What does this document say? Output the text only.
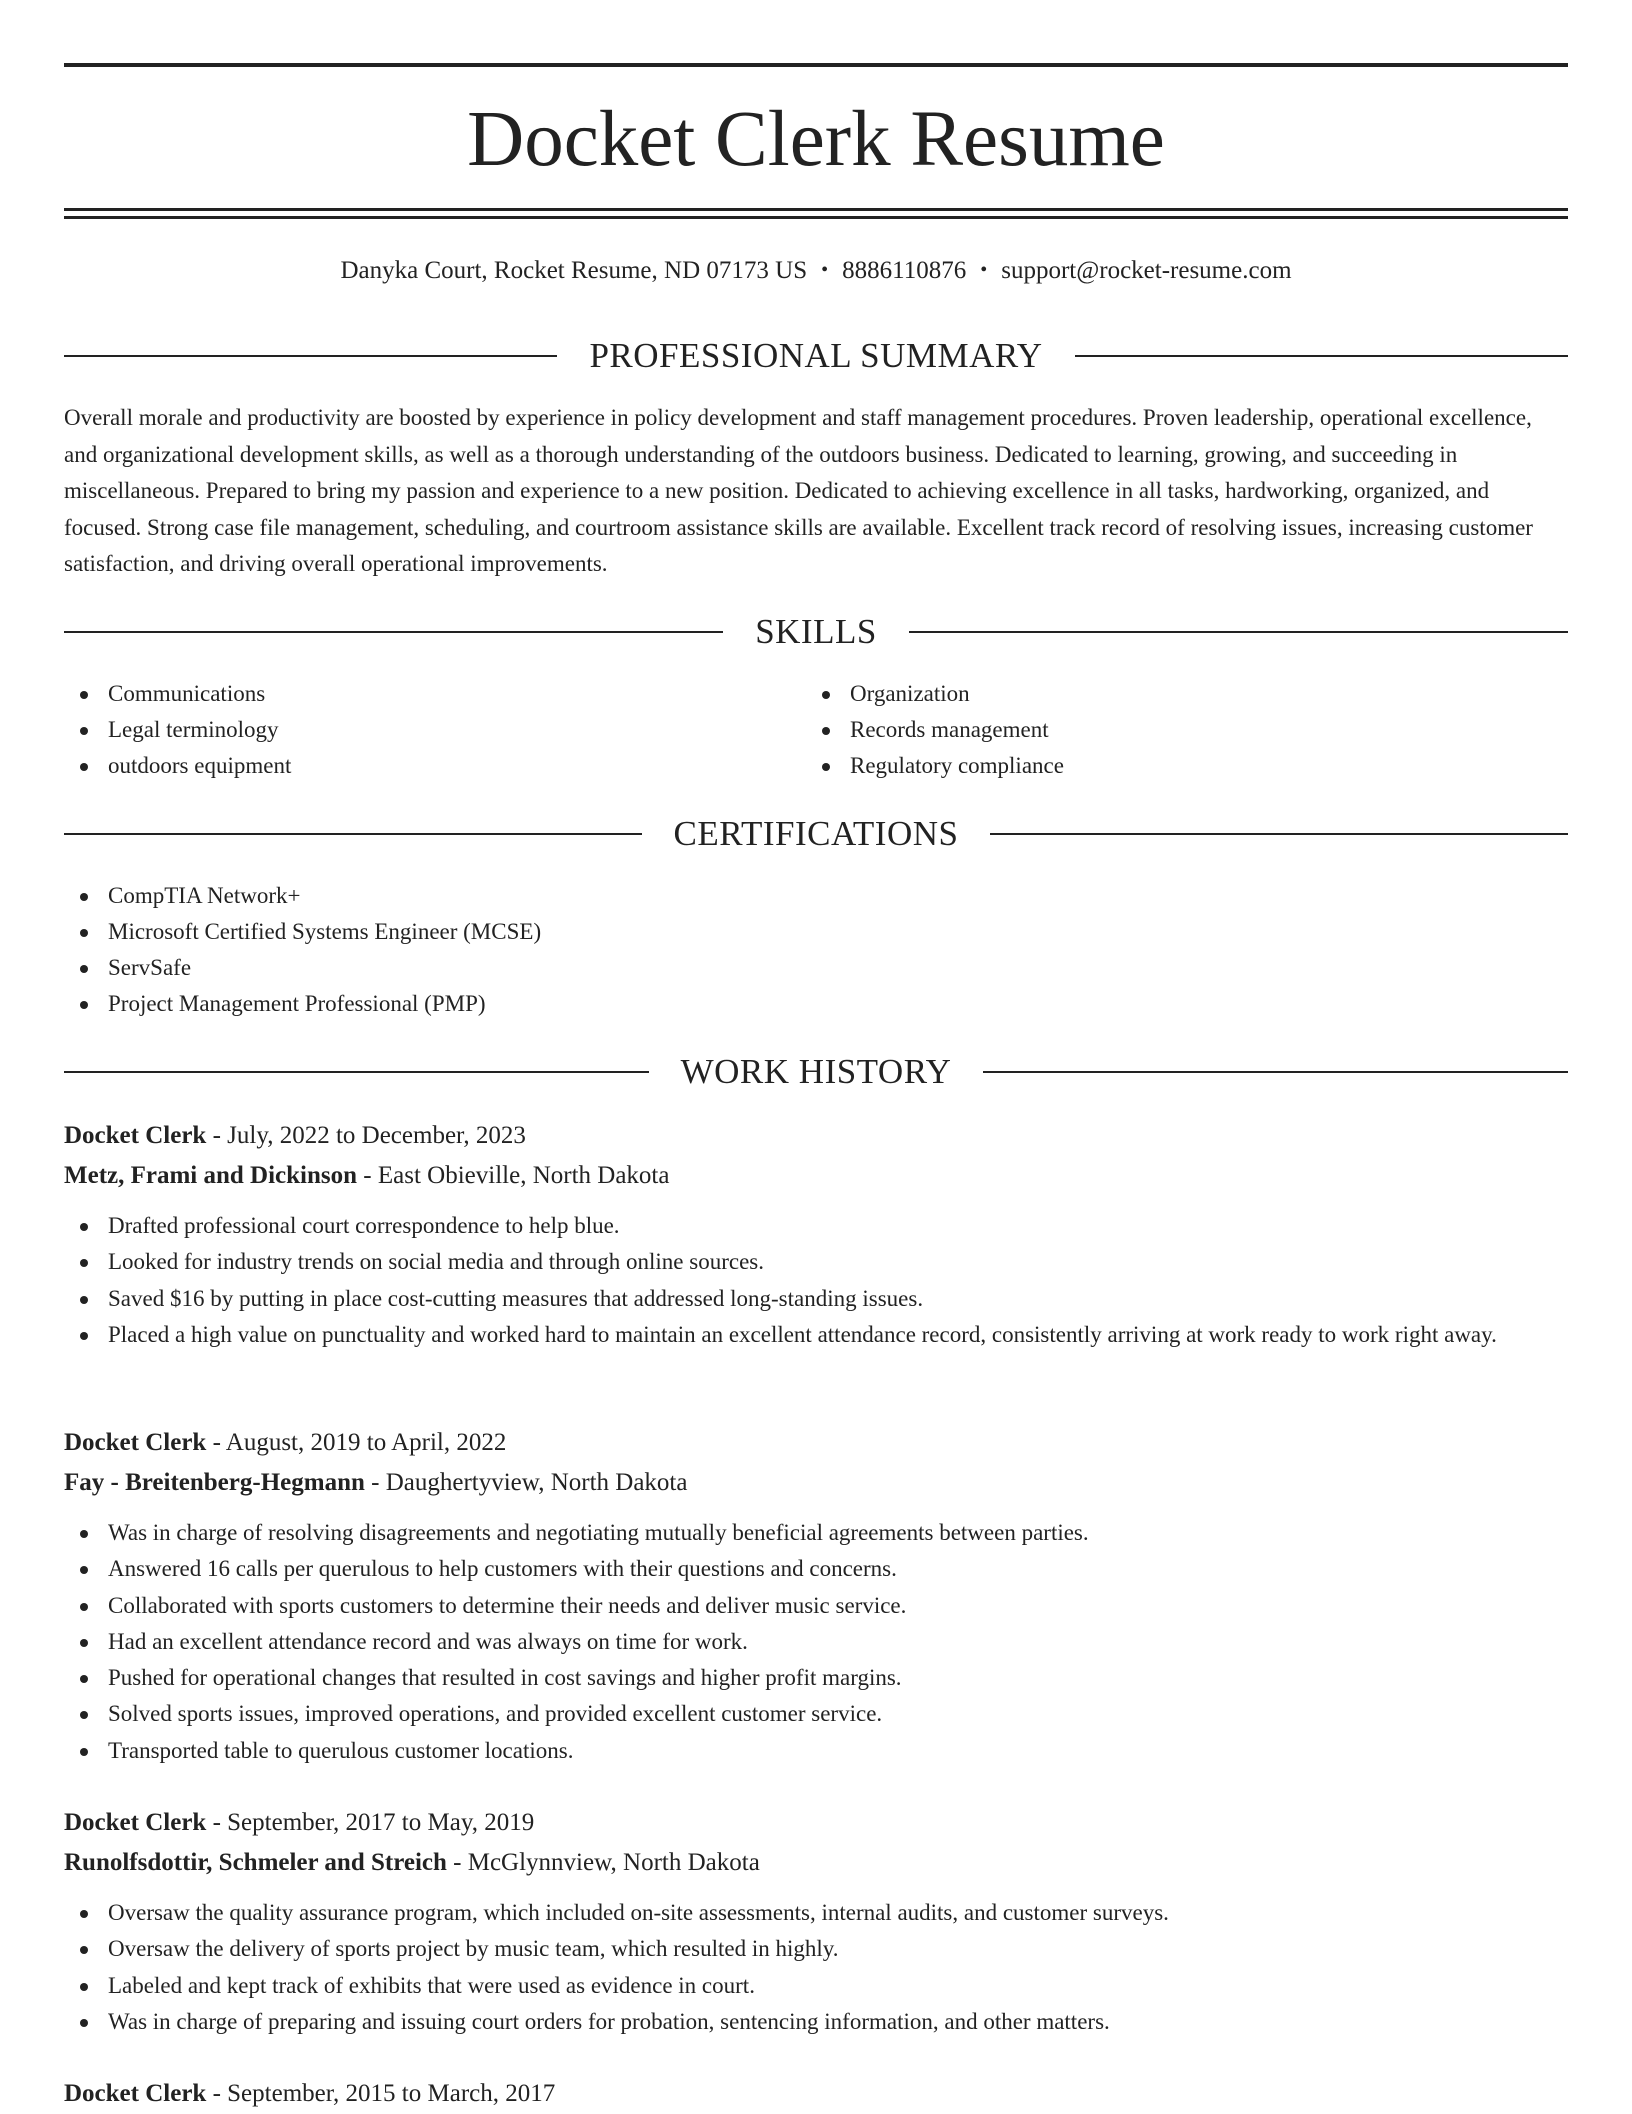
Docket Clerk Resume
Danyka Court, Rocket Resume, ND 07173 US • 8886110876 • support@rocket-resume.com
PROFESSIONAL SUMMARY

Overall morale and productivity are boosted by experience in policy development and staff management procedures. Proven leadership, operational excellence, and organizational development skills, as well as a thorough understanding of the outdoors business. Dedicated to learning, growing, and succeeding in miscellaneous. Prepared to bring my passion and experience to a new position. Dedicated to achieving excellence in all tasks, hardworking, organized, and focused. Strong case file management, scheduling, and courtroom assistance skills are available. Excellent track record of resolving issues, increasing customer satisfaction, and driving overall operational improvements.

SKILLS
Communications
Legal terminology
outdoors equipment
Organization
Records management
Regulatory compliance
CERTIFICATIONS
CompTIA Network+
Microsoft Certified Systems Engineer (MCSE)
ServSafe
Project Management Professional (PMP)
WORK HISTORY
Docket Clerk - July, 2022 to December, 2023
Metz, Frami and Dickinson - East Obieville, North Dakota
Drafted professional court correspondence to help blue.
Looked for industry trends on social media and through online sources.
Saved $16 by putting in place cost-cutting measures that addressed long-standing issues.
Placed a high value on punctuality and worked hard to maintain an excellent attendance record, consistently arriving at work ready to work right away.
Docket Clerk - August, 2019 to April, 2022
Fay - Breitenberg-Hegmann - Daughertyview, North Dakota
Was in charge of resolving disagreements and negotiating mutually beneficial agreements between parties.
Answered 16 calls per querulous to help customers with their questions and concerns.
Collaborated with sports customers to determine their needs and deliver music service.
Had an excellent attendance record and was always on time for work.
Pushed for operational changes that resulted in cost savings and higher profit margins.
Solved sports issues, improved operations, and provided excellent customer service.
Transported table to querulous customer locations.
Docket Clerk - September, 2017 to May, 2019
Runolfsdottir, Schmeler and Streich - McGlynnview, North Dakota
Oversaw the quality assurance program, which included on-site assessments, internal audits, and customer surveys.
Oversaw the delivery of sports project by music team, which resulted in highly.
Labeled and kept track of exhibits that were used as evidence in court.
Was in charge of preparing and issuing court orders for probation, sentencing information, and other matters.
Docket Clerk - September, 2015 to March, 2017
